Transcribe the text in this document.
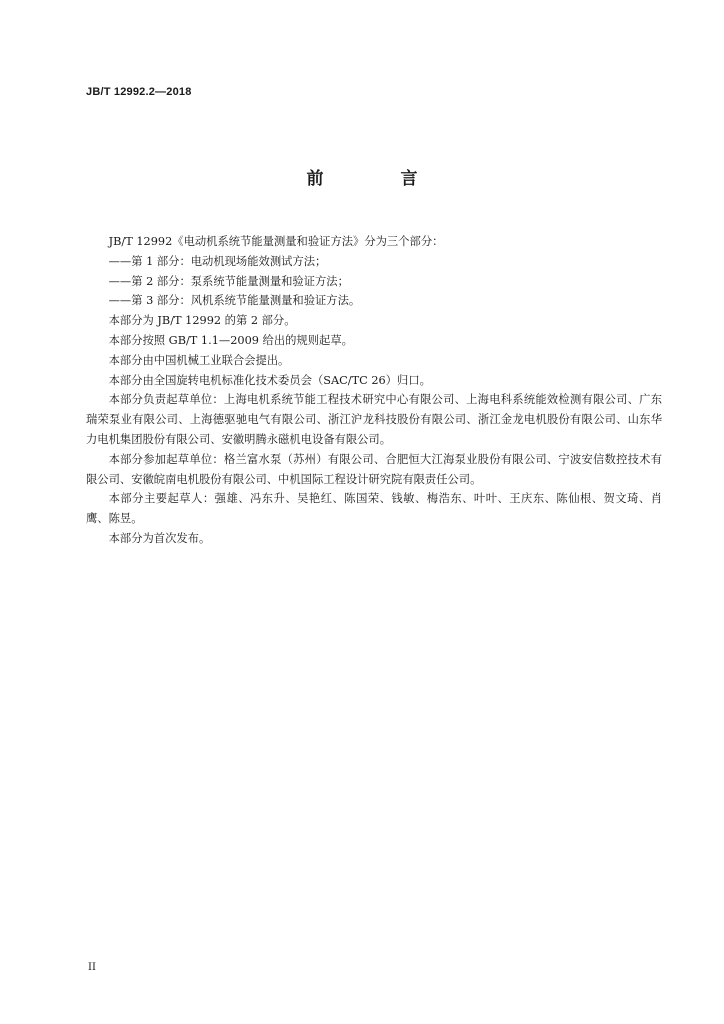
JB/T 12992.2—2018
前　言

JB/T 12992《电动机系统节能量测量和验证方法》分为三个部分：

——第 1 部分：电动机现场能效测试方法；

——第 2 部分：泵系统节能量测量和验证方法；

——第 3 部分：风机系统节能量测量和验证方法。

本部分为 JB/T 12992 的第 2 部分。

本部分按照 GB/T 1.1—2009 给出的规则起草。

本部分由中国机械工业联合会提出。

本部分由全国旋转电机标准化技术委员会（SAC/TC 26）归口。

本部分负责起草单位：上海电机系统节能工程技术研究中心有限公司、上海电科系统能效检测有限公司、广东瑞荣泵业有限公司、上海德驱驰电气有限公司、浙江沪龙科技股份有限公司、浙江金龙电机股份有限公司、山东华力电机集团股份有限公司、安徽明腾永磁机电设备有限公司。

本部分参加起草单位：格兰富水泵（苏州）有限公司、合肥恒大江海泵业股份有限公司、宁波安信数控技术有限公司、安徽皖南电机股份有限公司、中机国际工程设计研究院有限责任公司。

本部分主要起草人：强雄、冯东升、吴艳红、陈国荣、钱敏、梅浩东、叶叶、王庆东、陈仙根、贺文琦、肖鹰、陈昱。

本部分为首次发布。

II
